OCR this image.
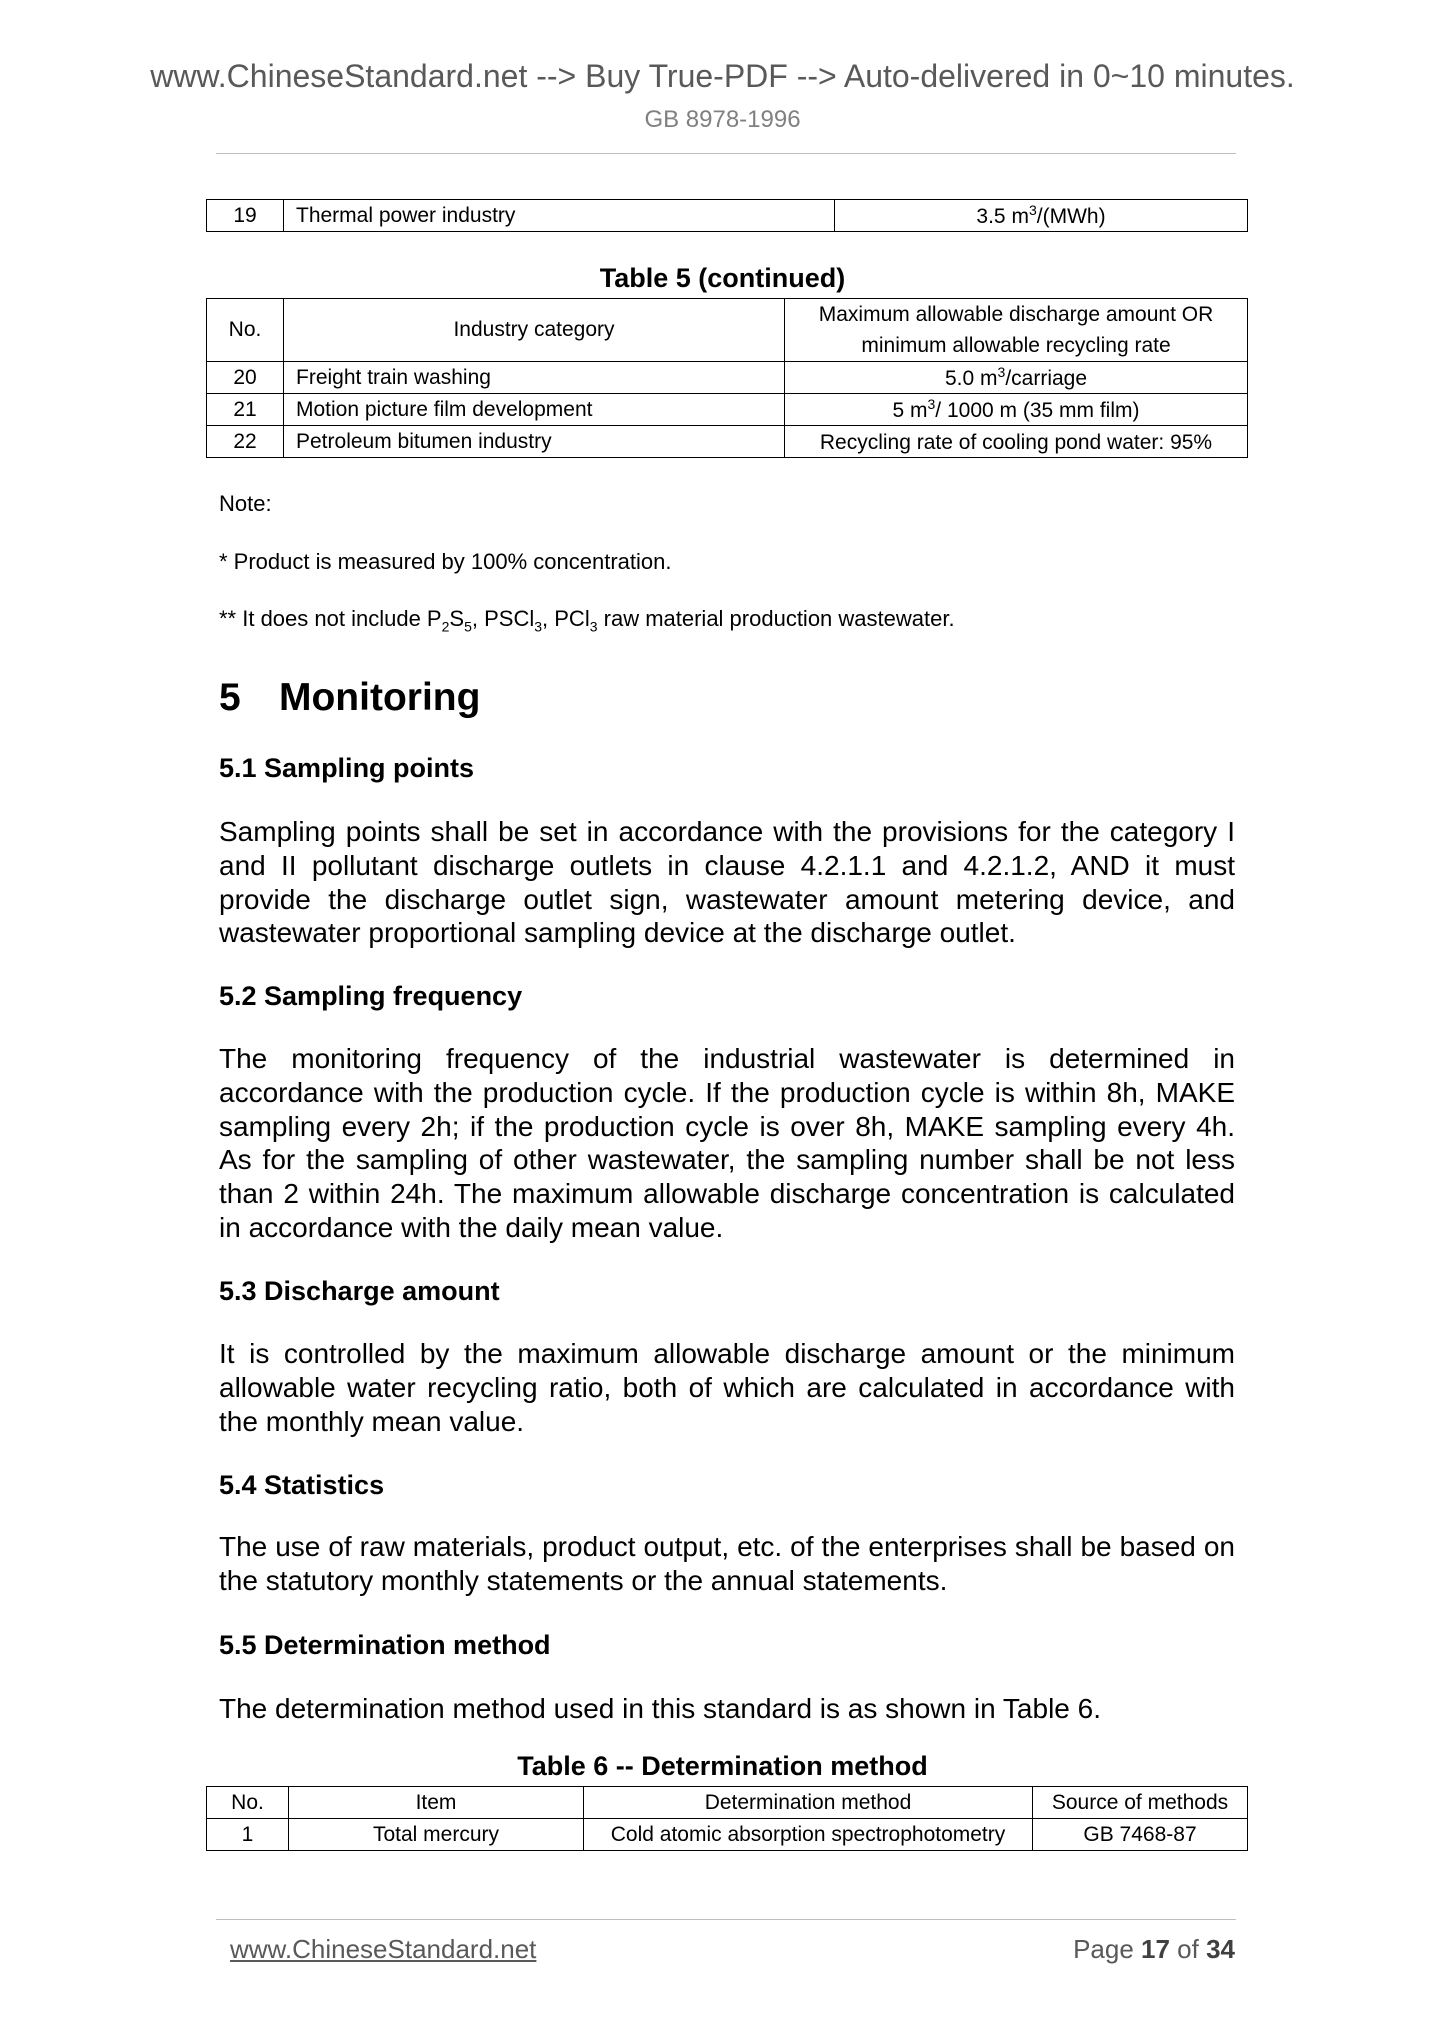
www.ChineseStandard.net --> Buy True-PDF --> Auto-delivered in 0~10 minutes.
GB 8978-1996
19	Thermal power industry	3.5 $m^3/(MWh)$
Table 5 (continued)
No.	Industry category	Maximum allowable discharge amount OR
minimum allowable recycling rate

20	Freight train washing	5.0 $m^3$/carriage
21	Motion picture film development	5 $m^3/$ 1000 m (35 mm film)
22	Petroleum bitumen industry	Recycling rate of cooling pond water: 95%
Note:
* Product is measured by 100% concentration.
** It does not include $P_2S_5$, PSCl$_3$, PCl$_3$ raw material production wastewater.
5 Monitoring
5.1 Sampling points
Sampling points shall be set in accordance with the provisions for the category I and II pollutant discharge outlets in clause 4.2.1.1 and 4.2.1.2, AND it must provide the discharge outlet sign, wastewater amount metering device, and wastewater proportional sampling device at the discharge outlet.
5.2 Sampling frequency
The monitoring frequency of the industrial wastewater is determined in accordance with the production cycle. If the production cycle is within 8h, MAKE sampling every 2h; if the production cycle is over 8h, MAKE sampling every 4h. As for the sampling of other wastewater, the sampling number shall be not less than 2 within 24h. The maximum allowable discharge concentration is calculated in accordance with the daily mean value.
5.3 Discharge amount
It is controlled by the maximum allowable discharge amount or the minimum allowable water recycling ratio, both of which are calculated in accordance with the monthly mean value.
5.4 Statistics
The use of raw materials, product output, etc. of the enterprises shall be based on the statutory monthly statements or the annual statements.
5.5 Determination method
The determination method used in this standard is as shown in Table 6.
Table 6 -- Determination method
No.	Item	Determination method	Source of methods
1	Total mercury	Cold atomic absorption spectrophotometry	GB 7468-87
www.ChineseStandard.net	Page 17 of 34
